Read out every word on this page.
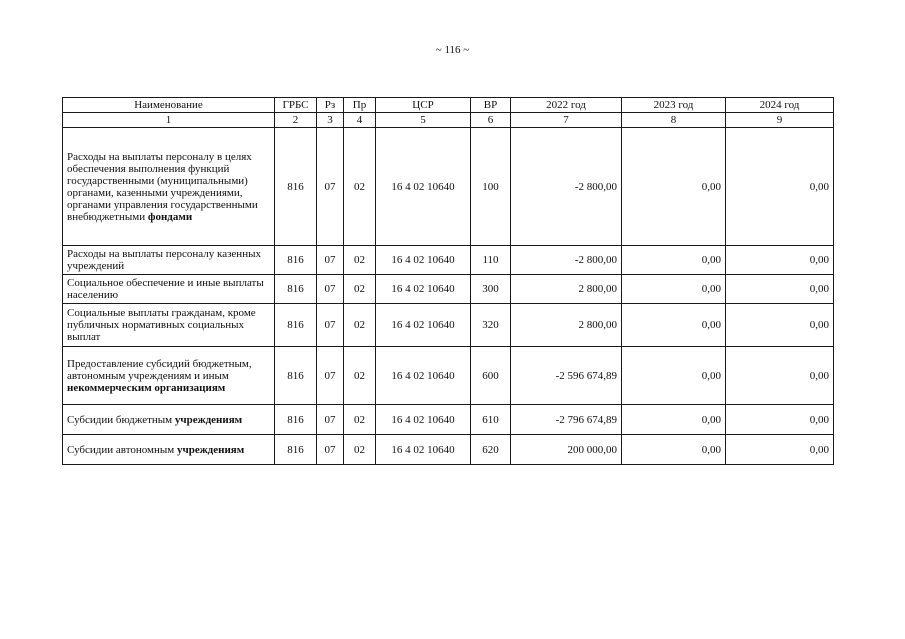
~ 116 ~
Наименование	ГРБС	Рз	Пр	ЦСР	ВР	2022 год	2023 год	2024 год
1	2	3	4	5	6	7	8	9
Расходы на выплаты персоналу в целях обеспечения выполнения функций государственными (муниципальными) органами, казенными учреждениями, органами управления государственными внебюджетными фондами	816	07	02	16 4 02 10640	100	-2 800,00	0,00	0,00
Расходы на выплаты персоналу казенных учреждений	816	07	02	16 4 02 10640	110	-2 800,00	0,00	0,00
Социальное обеспечение и иные выплаты населению	816	07	02	16 4 02 10640	300	2 800,00	0,00	0,00
Социальные выплаты гражданам, кроме публичных нормативных социальных выплат	816	07	02	16 4 02 10640	320	2 800,00	0,00	0,00
Предоставление субсидий бюджетным, автономным учреждениям и иным некоммерческим организациям	816	07	02	16 4 02 10640	600	-2 596 674,89	0,00	0,00
Субсидии бюджетным учреждениям	816	07	02	16 4 02 10640	610	-2 796 674,89	0,00	0,00
Субсидии автономным учреждениям	816	07	02	16 4 02 10640	620	200 000,00	0,00	0,00
